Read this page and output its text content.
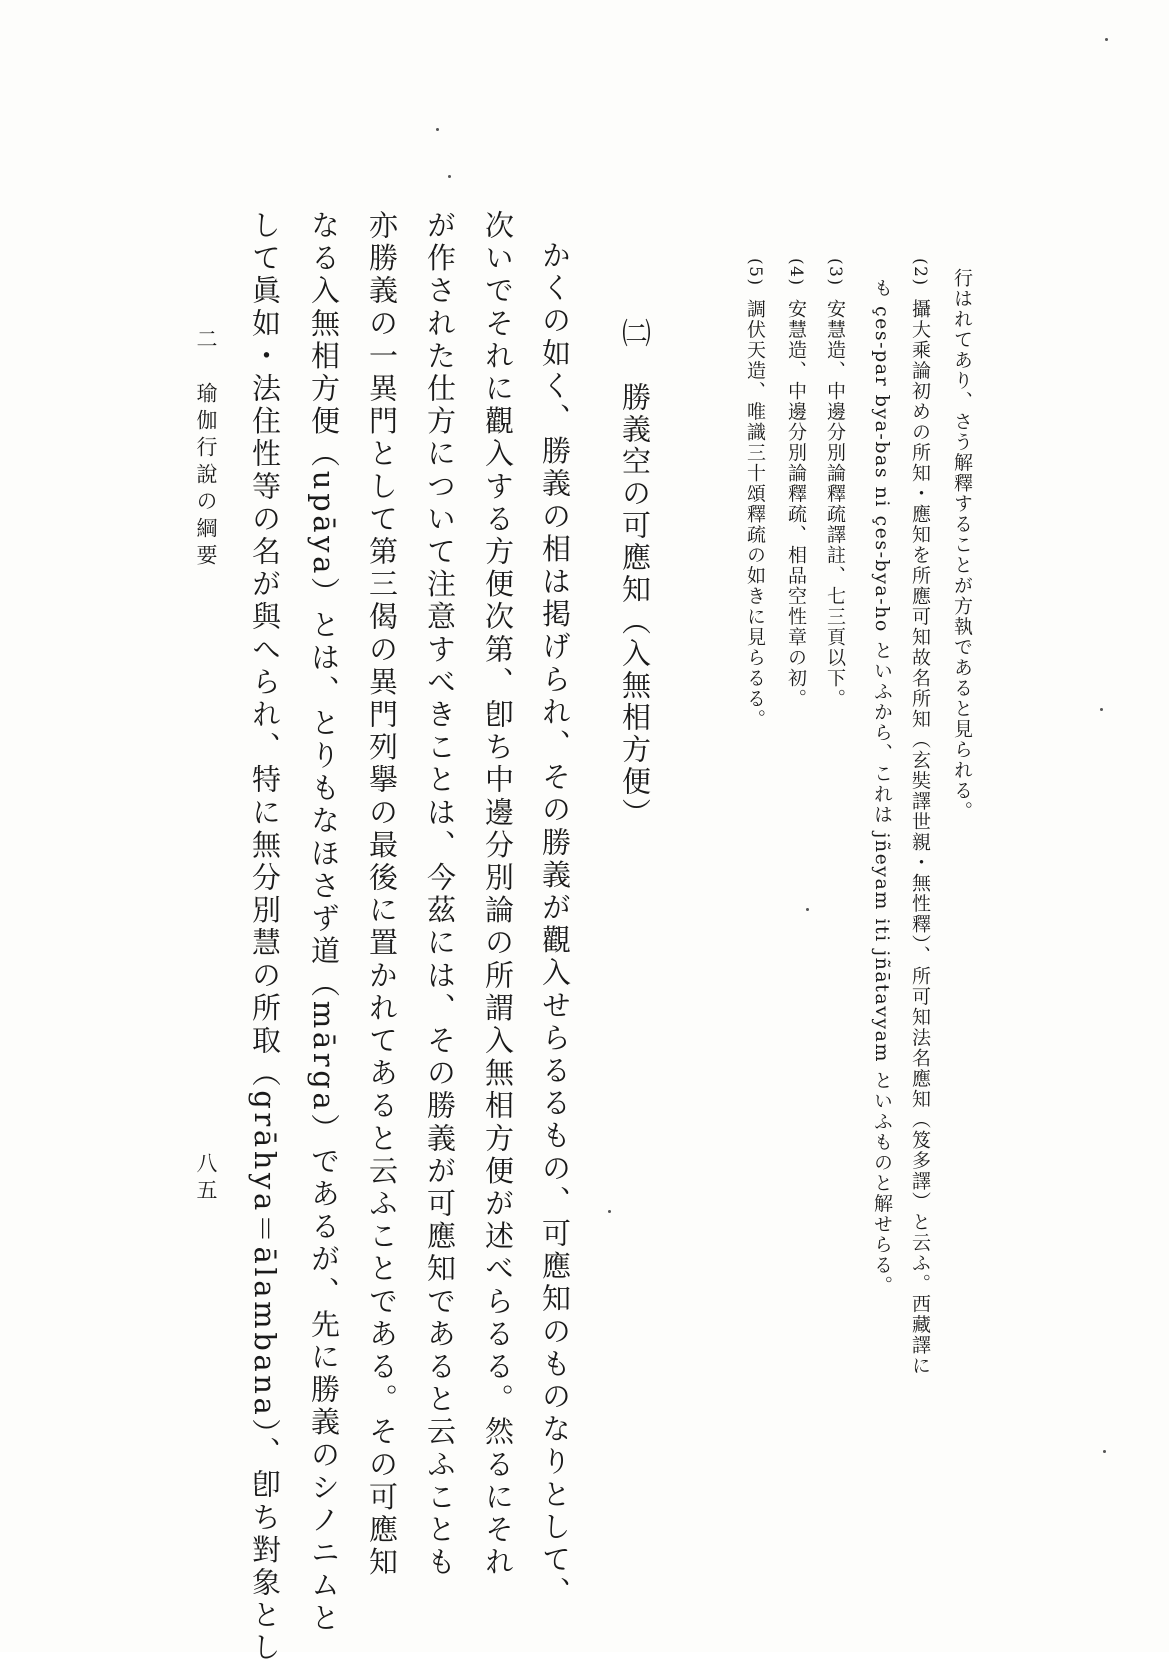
行はれてあり、さう解釋することが方執であると見られる。
(2)攝大乘論初めの所知・應知を所應可知故名所知（玄奘譯世親・無性釋）、所可知法名應知（笈多譯）と云ふ。西藏譯に
も ҫes-par bya-bas ni ҫes-bya-ho といふから、これは jñeyam iti jñātavyam といふものと解せらる。
(3)安慧造、中邊分別論釋疏譯註、七三頁以下。
(4)安慧造、中邊分別論釋疏、相品空性章の初。
(5)調伏天造、唯識三十頌釋疏の如きに見らるる。
㈡　勝義空の可應知（入無相方便）
かくの如く、勝義の相は掲げられ、その勝義が觀入せらるるもの、可應知のものなりとして、
次いでそれに觀入する方便次第、卽ち中邊分別論の所謂入無相方便が述べらるる。然るにそれ
が作された仕方について注意すべきことは、今茲には、その勝義が可應知であると云ふことも
亦勝義の一異門として第三偈の異門列擧の最後に置かれてあると云ふことである。その可應知
なる入無相方便（upāya）とは、とりもなほさず道（mārga）であるが、先に勝義のシノニムと
して眞如・法住性等の名が與へられ、特に無分別慧の所取（grāhya＝ālambana）、卽ち對象とし
二　瑜伽行說の綱要
八五
